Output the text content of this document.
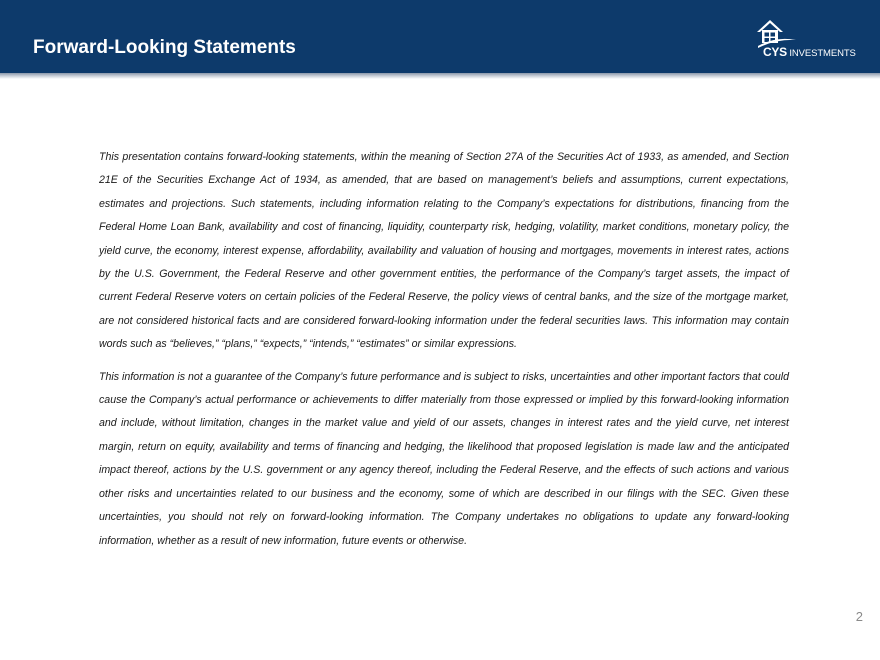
Forward-Looking Statements	CYS INVESTMENTS

This presentation contains forward-looking statements, within the meaning of Section 27A of the Securities Act of 1933, as amended, and Section 21E of the Securities Exchange Act of 1934, as amended, that are based on management’s beliefs and assumptions, current expectations, estimates and projections. Such statements, including information relating to the Company’s expectations for distributions, financing from the Federal Home Loan Bank, availability and cost of financing, liquidity, counterparty risk, hedging, volatility, market conditions, monetary policy, the yield curve, the economy, interest expense, affordability, availability and valuation of housing and mortgages, movements in interest rates, actions by the U.S. Government, the Federal Reserve and other government entities, the performance of the Company’s target assets, the impact of current Federal Reserve voters on certain policies of the Federal Reserve, the policy views of central banks, and the size of the mortgage market, are not considered historical facts and are considered forward-looking information under the federal securities laws. This information may contain words such as “believes,” “plans,” “expects,” “intends,” “estimates” or similar expressions.

This information is not a guarantee of the Company’s future performance and is subject to risks, uncertainties and other important factors that could cause the Company’s actual performance or achievements to differ materially from those expressed or implied by this forward-looking information and include, without limitation, changes in the market value and yield of our assets, changes in interest rates and the yield curve, net interest margin, return on equity, availability and terms of financing and hedging, the likelihood that proposed legislation is made law and the anticipated impact thereof, actions by the U.S. government or any agency thereof, including the Federal Reserve, and the effects of such actions and various other risks and uncertainties related to our business and the economy, some of which are described in our filings with the SEC. Given these uncertainties, you should not rely on forward-looking information. The Company undertakes no obligations to update any forward-looking information, whether as a result of new information, future events or otherwise.

2
